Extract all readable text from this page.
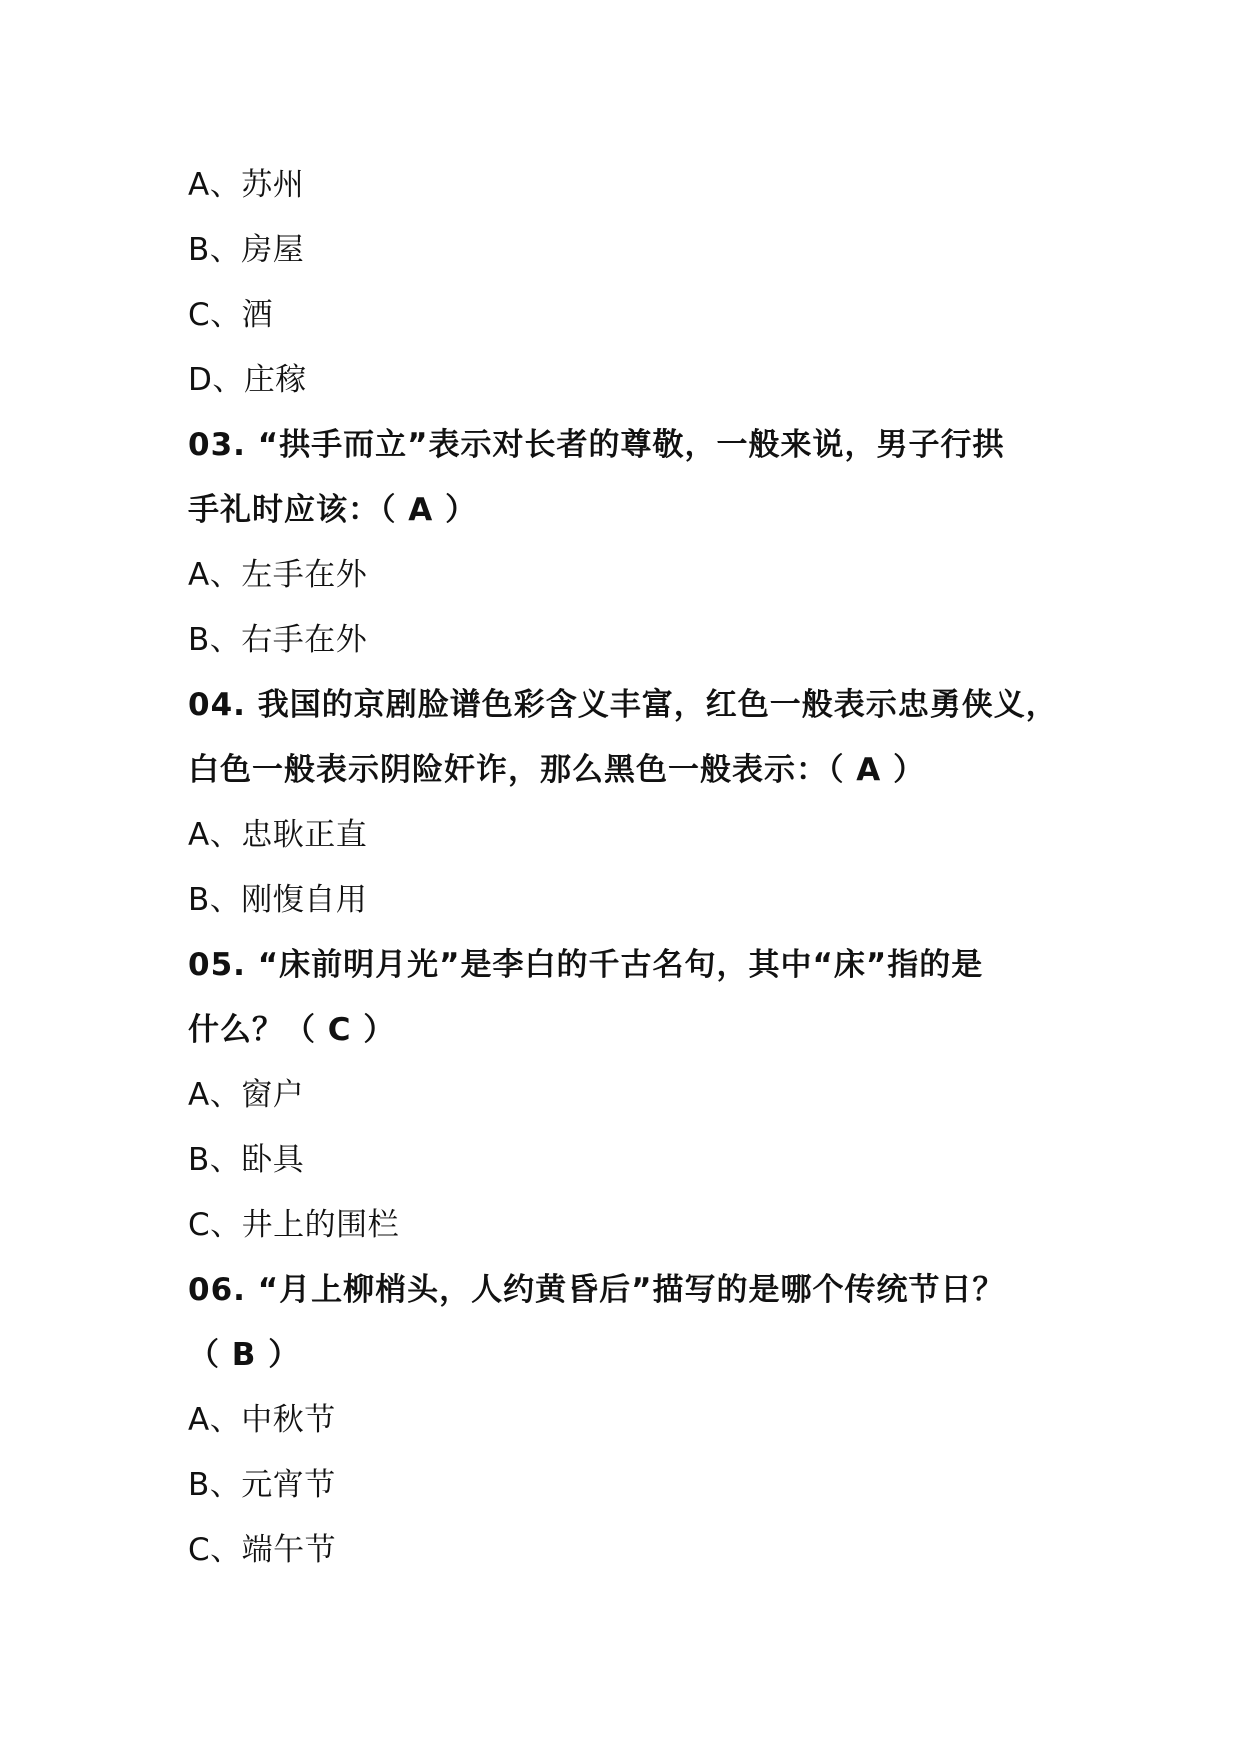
A、苏州
B、房屋
C、酒
D、庄稼
03. “拱手而立”表示对长者的尊敬，一般来说，男子行拱
手礼时应该：（ A ）
A、左手在外
B、右手在外
04. 我国的京剧脸谱色彩含义丰富，红色一般表示忠勇侠义，
白色一般表示阴险奸诈，那么黑色一般表示：（ A ）
A、忠耿正直
B、刚愎自用
05. “床前明月光”是李白的千古名句，其中“床”指的是
什么？（ C ）
A、窗户
B、卧具
C、井上的围栏
06. “月上柳梢头，人约黄昏后”描写的是哪个传统节日？
（ B ）
A、中秋节
B、元宵节
C、端午节
